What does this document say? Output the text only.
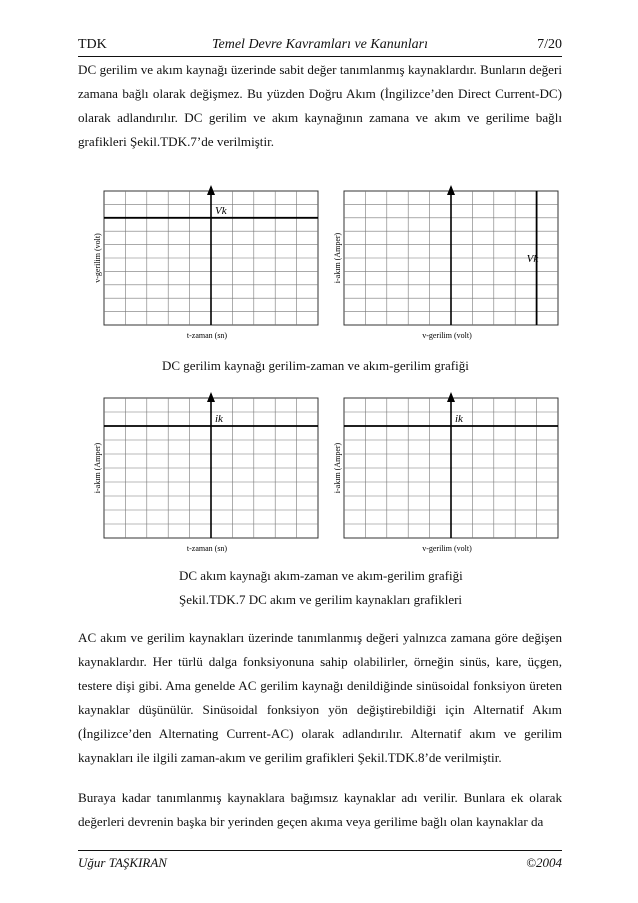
TDK	Temel Devre Kavramları ve Kanunları	7/20

DC gerilim ve akım kaynağı üzerinde sabit değer tanımlanmış kaynaklardır. Bunların değeri zamana bağlı olarak değişmez. Bu yüzden Doğru Akım (İngilizce’den Direct Current-DC) olarak adlandırılır. DC gerilim ve akım kaynağının zamana ve akım ve gerilime bağlı grafikleri Şekil.TDK.7’de verilmiştir.

Vk
t-zaman (sn)
v-gerilim (volt)	Vk
v-gerilim (volt)
i-akım (Amper)
DC gerilim kaynağı gerilim-zaman ve akım-gerilim grafiği
ik
t-zaman (sn)
i-akım (Amper)
ik
v-gerilim (volt)
i-akım (Amper)
DC akım kaynağı akım-zaman ve akım-gerilim grafiği
Şekil.TDK.7 DC akım ve gerilim kaynakları grafikleri

AC akım ve gerilim kaynakları üzerinde tanımlanmış değeri yalnızca zamana göre değişen kaynaklardır. Her türlü dalga fonksiyonuna sahip olabilirler, örneğin sinüs, kare, üçgen, testere dişi gibi. Ama genelde AC gerilim kaynağı denildiğinde sinüsoidal fonksiyon üreten kaynaklar düşünülür. Sinüsoidal fonksiyon yön değiştirebildiği için Alternatif Akım (İngilizce’den Alternating Current-AC) olarak adlandırılır. Alternatif akım ve gerilim kaynakları ile ilgili zaman-akım ve gerilim grafikleri Şekil.TDK.8’de verilmiştir.

Buraya kadar tanımlanmış kaynaklara bağımsız kaynaklar adı verilir. Bunlara ek olarak değerleri devrenin başka bir yerinden geçen akıma veya gerilime bağlı olan kaynaklar da

Uğur TAŞKIRAN	©2004
